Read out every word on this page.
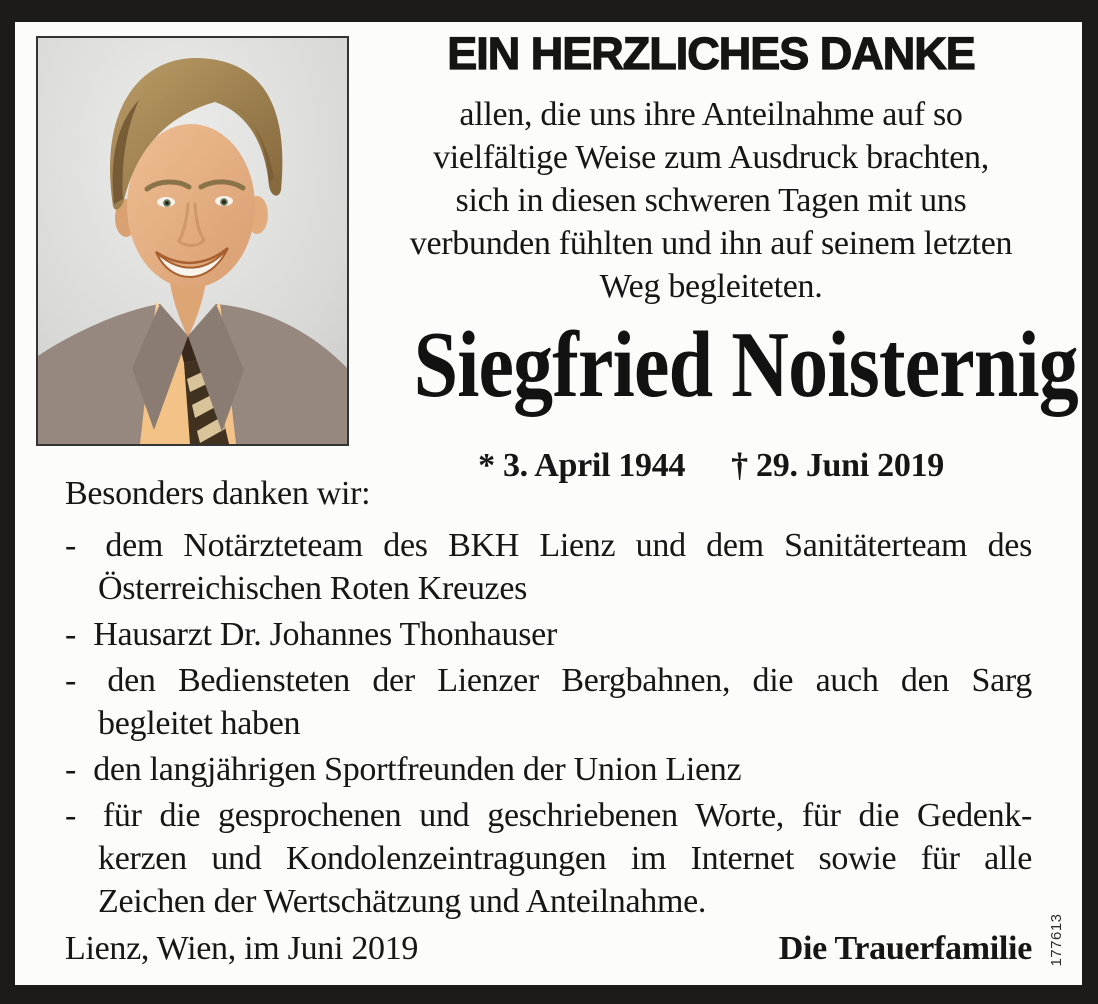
EIN HERZLICHES DANKE
allen, die uns ihre Anteilnahme auf so
vielfältige Weise zum Ausdruck brachten,
sich in diesen schweren Tagen mit uns
verbunden fühlten und ihn auf seinem letzten
Weg begleiteten.
Siegfried Noisternig
* 3. April 1944 † 29. Juni 2019
Besonders danken wir:
- dem Notärzteteam des BKH Lienz und dem Sanitäterteam des
Österreichischen Roten Kreuzes
- Hausarzt Dr. Johannes Thonhauser
- den Bediensteten der Lienzer Bergbahnen, die auch den Sarg
begleitet haben
- den langjährigen Sportfreunden der Union Lienz
- für die gesprochenen und geschriebenen Worte, für die Gedenk-
kerzen und Kondolenzeintragungen im Internet sowie für alle
Zeichen der Wertschätzung und Anteilnahme.
Lienz, Wien, im Juni 2019	Die Trauerfamilie 177613
